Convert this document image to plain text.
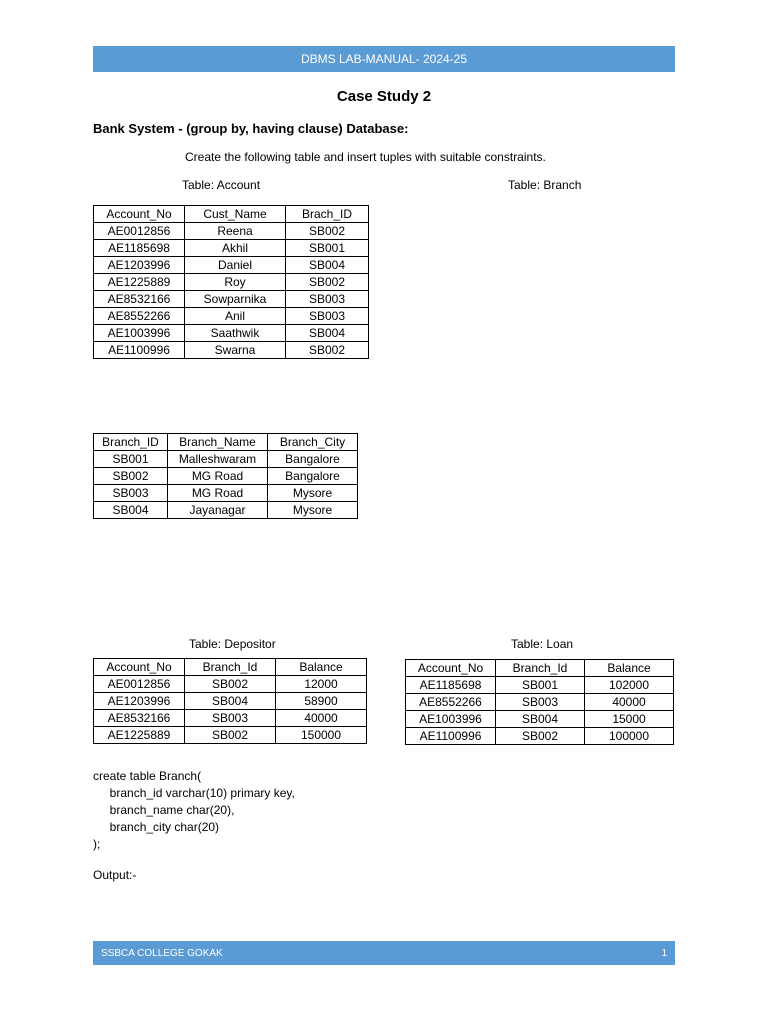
DBMS LAB-MANUAL- 2024-25
Case Study 2
Bank System - (group by, having clause) Database:
Create the following table and insert tuples with suitable constraints.
Table: Account	Table: Branch
Account_No	Cust_Name	Brach_ID
AE0012856	Reena	SB002
AE1185698	Akhil	SB001
AE1203996	Daniel	SB004
AE1225889	Roy	SB002
AE8532166	Sowparnika	SB003
AE8552266	Anil	SB003
AE1003996	Saathwik	SB004
AE1100996	Swarna	SB002
Branch_ID	Branch_Name	Branch_City
SB001	Malleshwaram	Bangalore
SB002	MG Road	Bangalore
SB003	MG Road	Mysore
SB004	Jayanagar	Mysore
Table: Depositor	Table: Loan
Account_No	Branch_Id	Balance
AE0012856	SB002	12000
AE1203996	SB004	58900
AE8532166	SB003	40000
AE1225889	SB002	150000
Account_No	Branch_Id	Balance
AE1185698	SB001	102000
AE8552266	SB003	40000
AE1003996	SB004	15000
AE1100996	SB002	100000
create table Branch(
branch_id varchar(10) primary key,
branch_name char(20),
branch_city char(20)
);
Output:-
SSBCA COLLEGE GOKAK	1
